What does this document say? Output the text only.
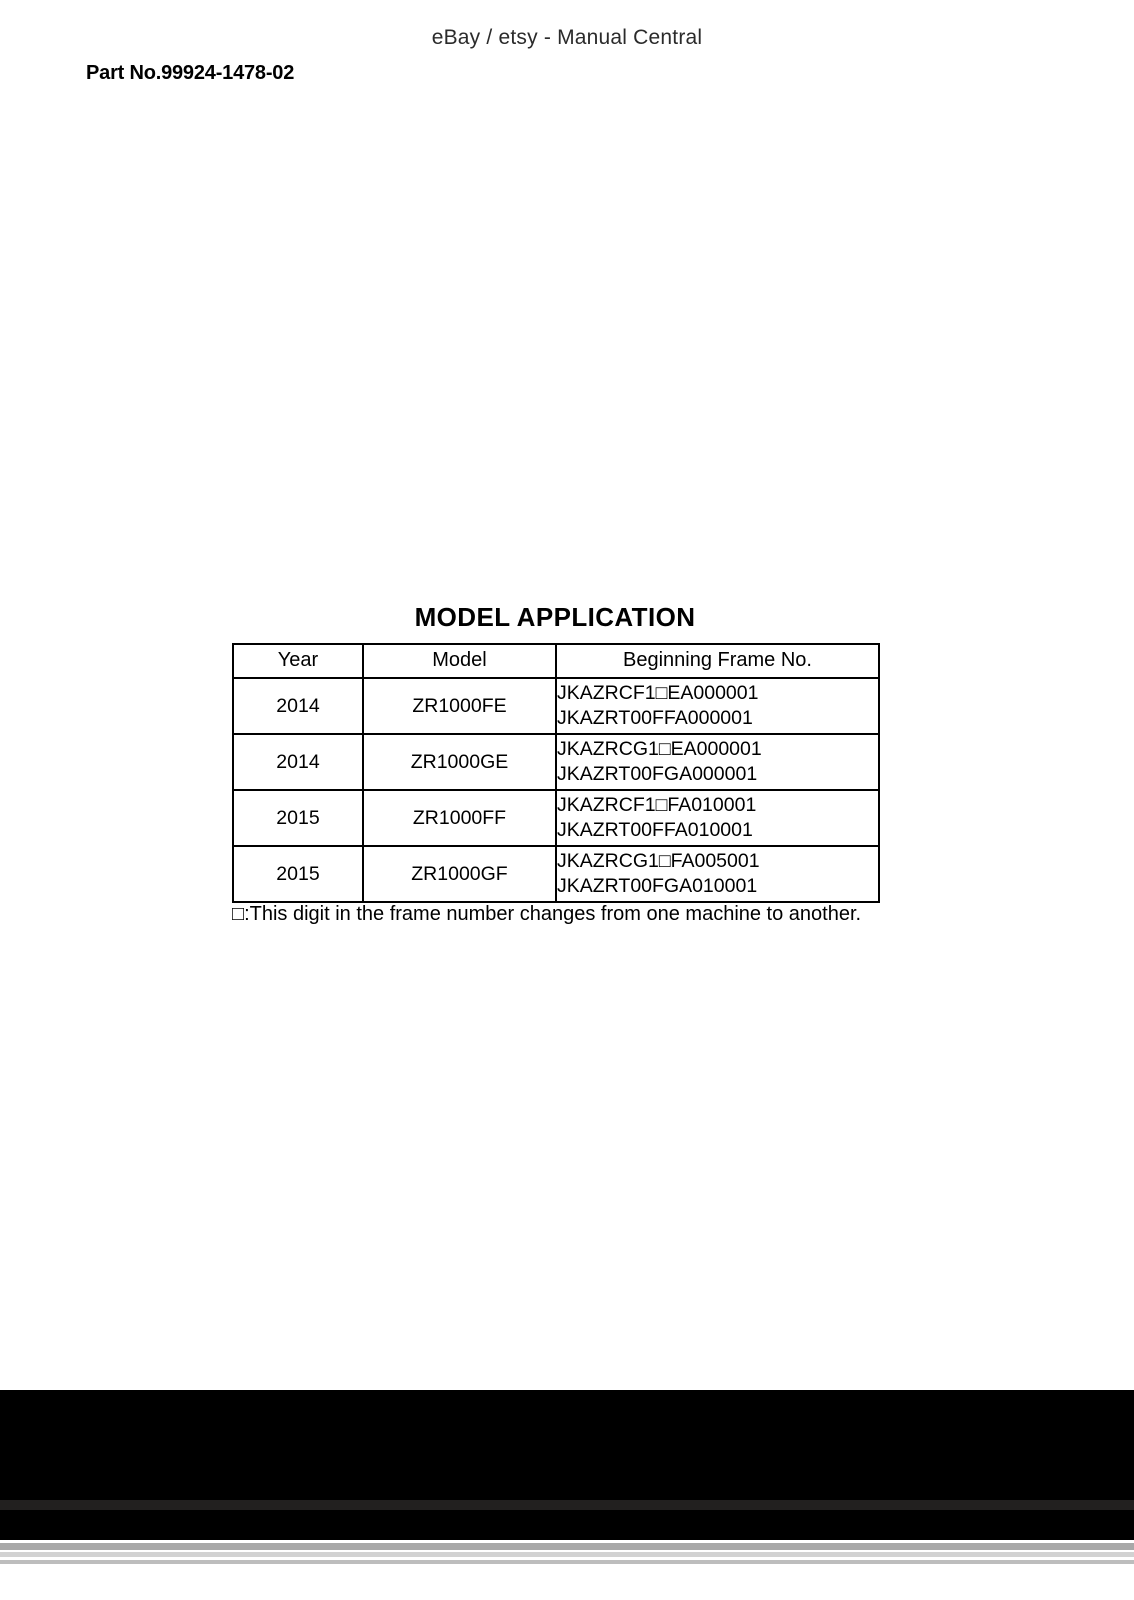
eBay / etsy - Manual Central
Part No.99924-1478-02
MODEL APPLICATION
Year	Model	Beginning Frame No.

2014	ZR1000FE	JKAZRCF1□EA000001
JKAZRT00FFA000001

2014	ZR1000GE	JKAZRCG1□EA000001
JKAZRT00FGA000001

2015	ZR1000FF	JKAZRCF1□FA010001
JKAZRT00FFA010001

2015	ZR1000GF	JKAZRCG1□FA005001
JKAZRT00FGA010001
□:This digit in the frame number changes from one machine to another.
